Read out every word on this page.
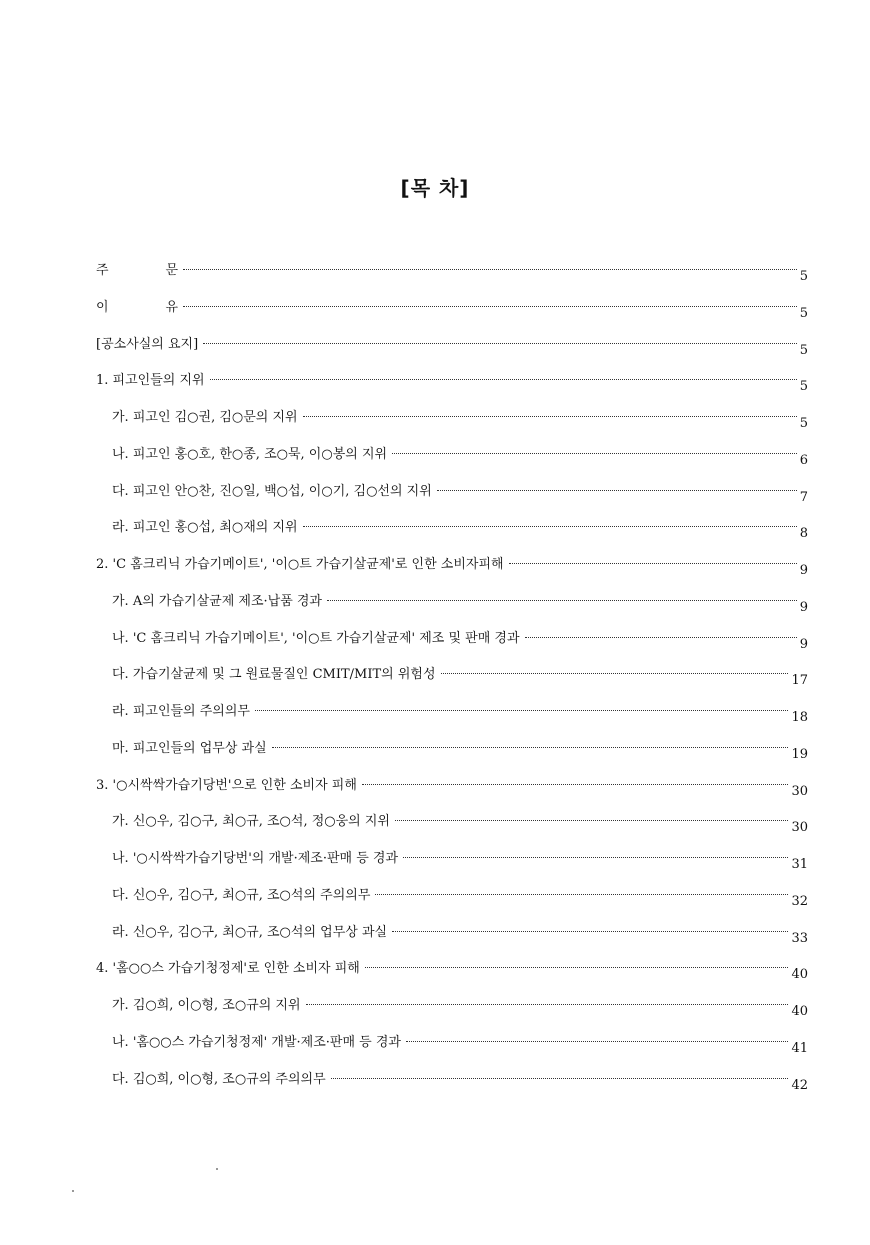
[목 차]
주	문	5
이	유	5
[공소사실의 요지]	5
1. 피고인들의 지위	5
가. 피고인 김○권, 김○문의 지위	5
나. 피고인 홍○호, 한○종, 조○묵, 이○봉의 지위	6
다. 피고인 안○찬, 진○일, 백○섭, 이○기, 김○선의 지위	7
라. 피고인 홍○섭, 최○재의 지위	8
2. 'C 홈크리닉 가습기메이트', '이○트 가습기살균제'로 인한 소비자피해	9
가. A의 가습기살균제 제조·납품 경과	9
나. 'C 홈크리닉 가습기메이트', '이○트 가습기살균제' 제조 및 판매 경과	9
다. 가습기살균제 및 그 원료물질인 CMIT/MIT의 위험성	17
라. 피고인들의 주의의무	18
마. 피고인들의 업무상 과실	19
3. '○시싹싹가습기당번'으로 인한 소비자 피해	30
가. 신○우, 김○구, 최○규, 조○석, 정○웅의 지위	30
나. '○시싹싹가습기당번'의 개발·제조·판매 등 경과	31
다. 신○우, 김○구, 최○규, 조○석의 주의의무	32
라. 신○우, 김○구, 최○규, 조○석의 업무상 과실	33
4. '홈○○스 가습기청정제'로 인한 소비자 피해	40
가. 김○희, 이○형, 조○규의 지위	40
나. '홈○○스 가습기청정제' 개발·제조·판매 등 경과	41
다. 김○희, 이○형, 조○규의 주의의무	42
